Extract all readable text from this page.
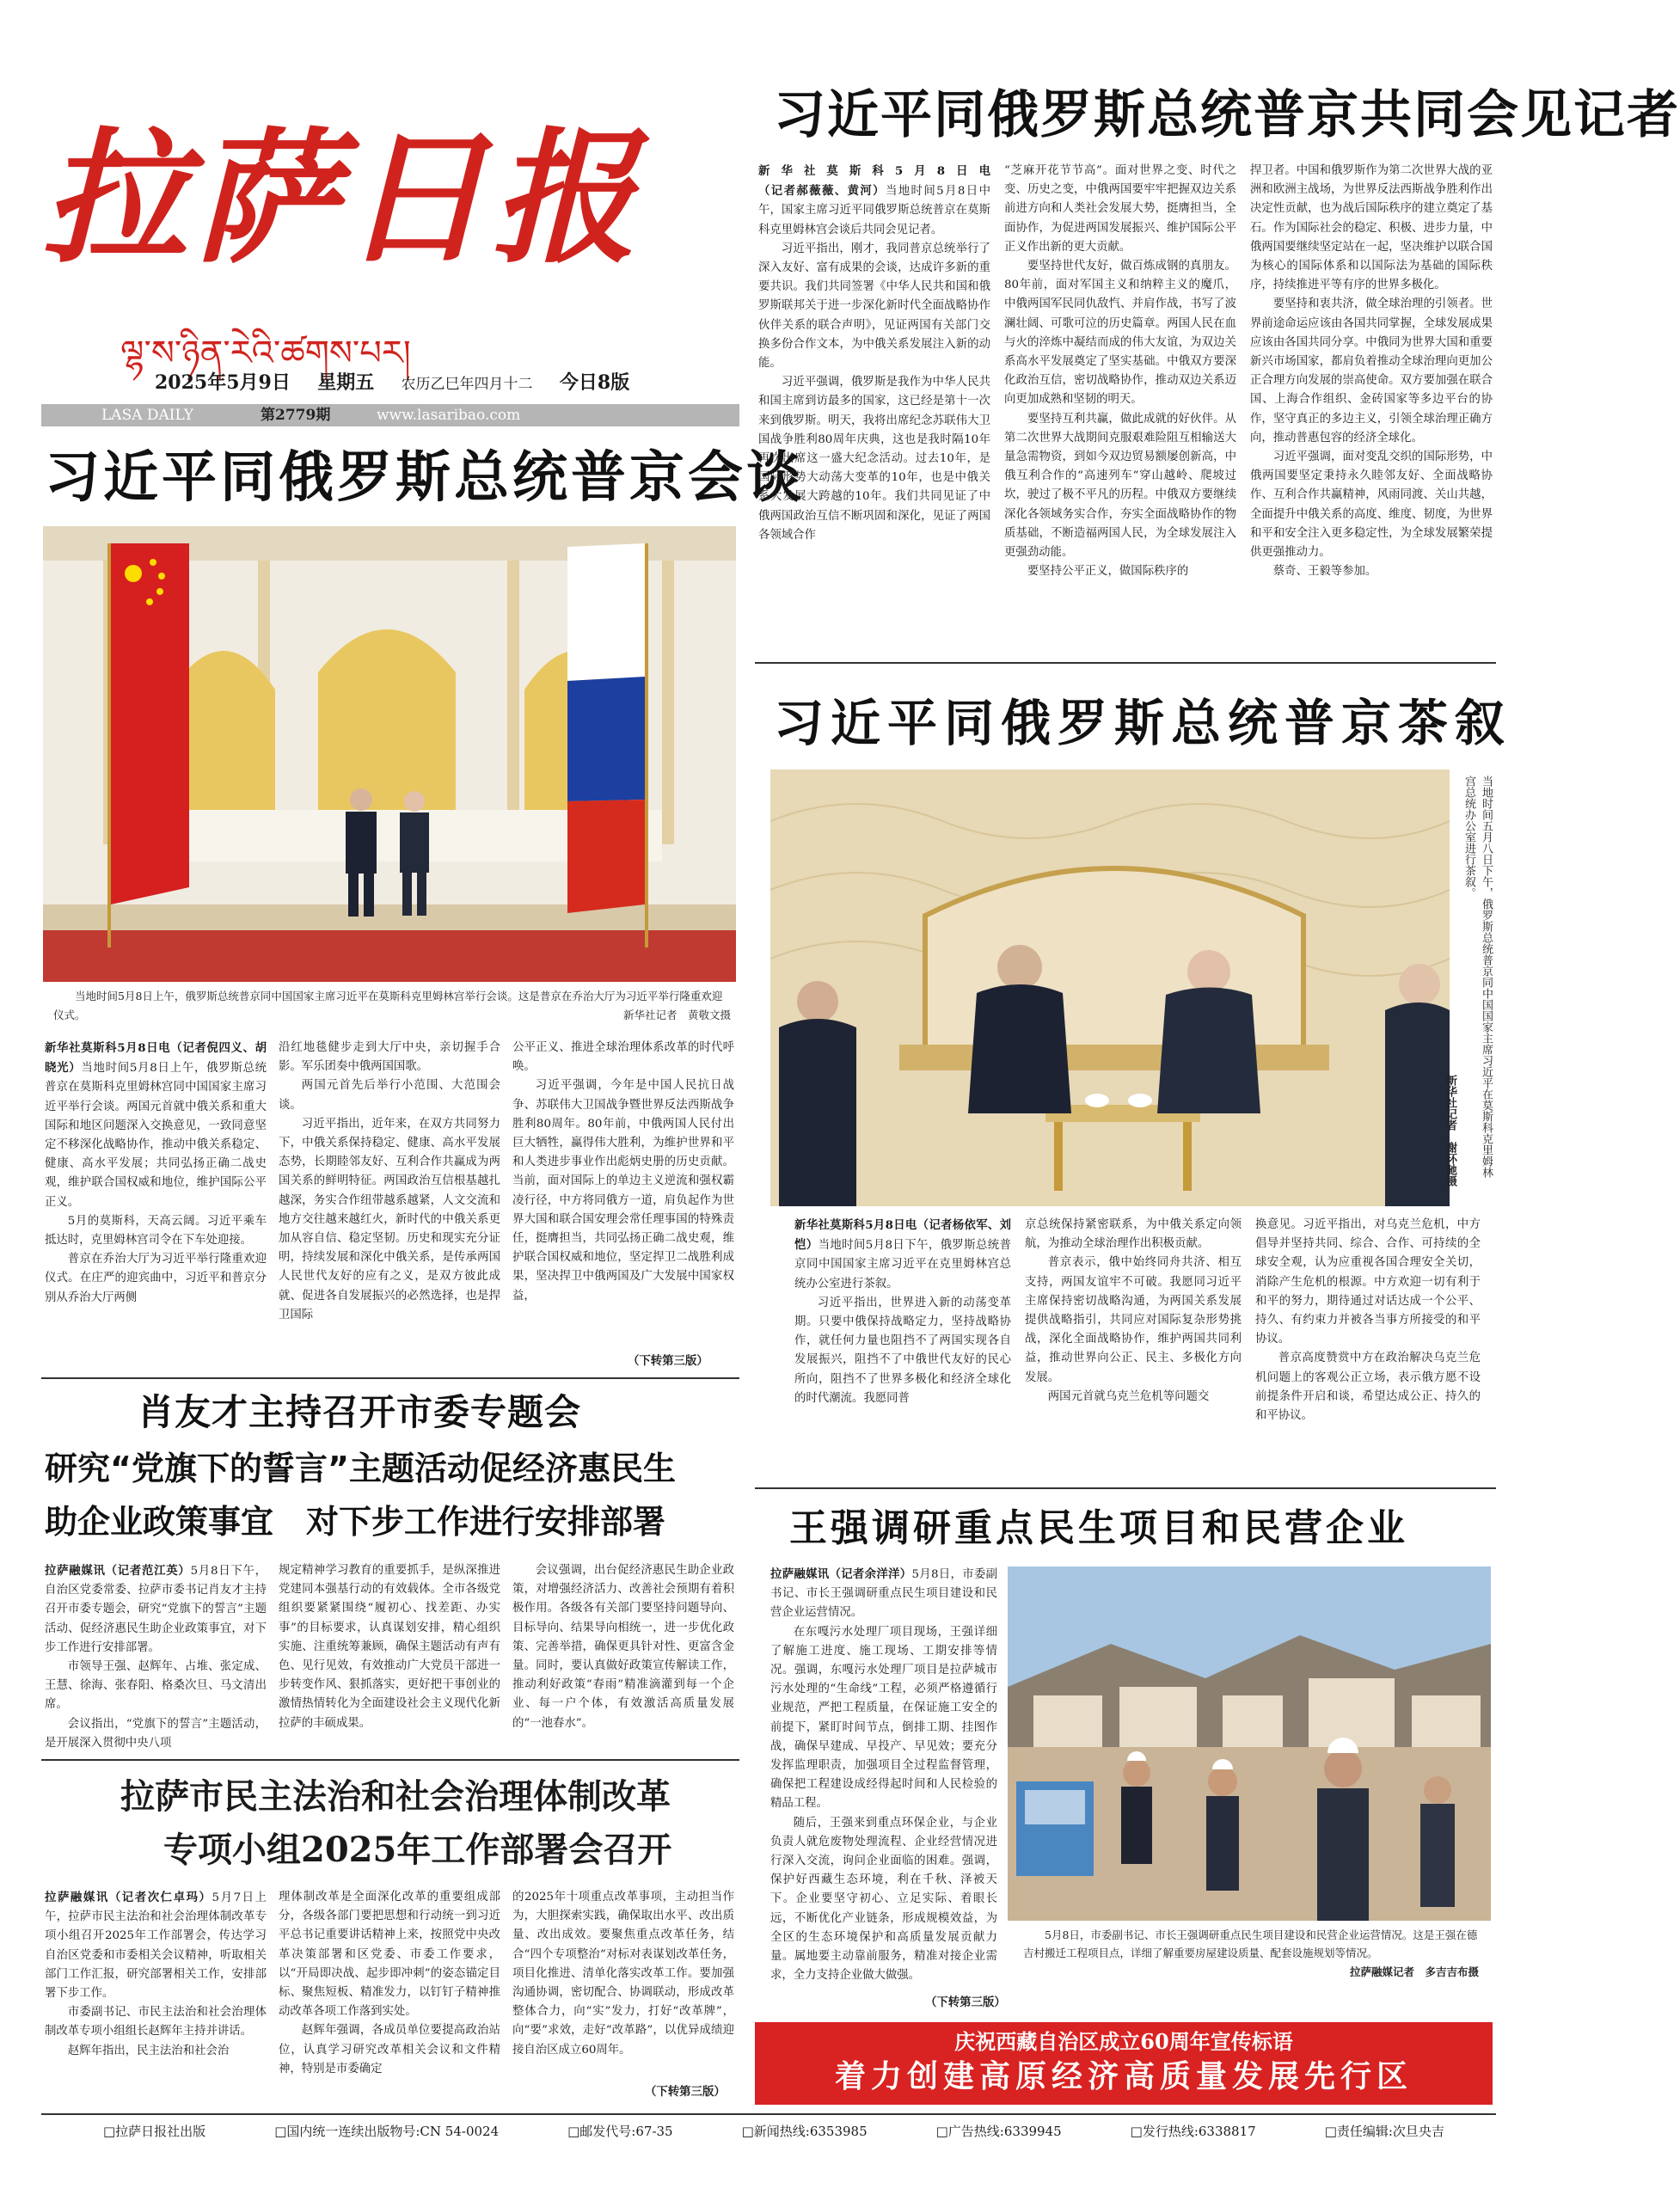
拉萨日报
ལྷ་ས་ཉིན་རེའི་ཚགས་པར།
2025年5月9日 星期五 农历乙巳年四月十二 今日8版
LASA DAILY	第2779期	www.lasaribao.com
习近平同俄罗斯总统普京会谈
当地时间5月8日上午，俄罗斯总统普京同中国国家主席习近平在莫斯科克里姆林宫举行会谈。这是普京在乔治大厅为习近平举行隆重欢迎仪式。	新华社记者　黄敬文摄

新华社莫斯科5月8日电（记者倪四义、胡晓光）当地时间5月8日上午，俄罗斯总统普京在莫斯科克里姆林宫同中国国家主席习近平举行会谈。两国元首就中俄关系和重大国际和地区问题深入交换意见，一致同意坚定不移深化战略协作，推动中俄关系稳定、健康、高水平发展；共同弘扬正确二战史观，维护联合国权威和地位，维护国际公平正义。

5月的莫斯科，天高云阔。习近平乘车抵达时，克里姆林宫司令在下车处迎接。

普京在乔治大厅为习近平举行隆重欢迎仪式。在庄严的迎宾曲中，习近平和普京分别从乔治大厅两侧

沿红地毯健步走到大厅中央，亲切握手合影。军乐团奏中俄两国国歌。

两国元首先后举行小范围、大范围会谈。

习近平指出，近年来，在双方共同努力下，中俄关系保持稳定、健康、高水平发展态势，长期睦邻友好、互利合作共赢成为两国关系的鲜明特征。两国政治互信根基越扎越深，务实合作纽带越系越紧，人文交流和地方交往越来越红火，新时代的中俄关系更加从容自信、稳定坚韧。历史和现实充分证明，持续发展和深化中俄关系，是传承两国人民世代友好的应有之义，是双方彼此成就、促进各自发展振兴的必然选择，也是捍卫国际

公平正义、推进全球治理体系改革的时代呼唤。

习近平强调，今年是中国人民抗日战争、苏联伟大卫国战争暨世界反法西斯战争胜利80周年。80年前，中俄两国人民付出巨大牺牲，赢得伟大胜利，为维护世界和平和人类进步事业作出彪炳史册的历史贡献。当前，面对国际上的单边主义逆流和强权霸凌行径，中方将同俄方一道，肩负起作为世界大国和联合国安理会常任理事国的特殊责任，挺膺担当，共同弘扬正确二战史观，维护联合国权威和地位，坚定捍卫二战胜利成果，坚决捍卫中俄两国及广大发展中国家权益，

（下转第三版）
习近平同俄罗斯总统普京共同会见记者

新华社莫斯科5月8日电（记者郝薇薇、黄河）当地时间5月8日中午，国家主席习近平同俄罗斯总统普京在莫斯科克里姆林宫会谈后共同会见记者。

习近平指出，刚才，我同普京总统举行了深入友好、富有成果的会谈，达成许多新的重要共识。我们共同签署《中华人民共和国和俄罗斯联邦关于进一步深化新时代全面战略协作伙伴关系的联合声明》，见证两国有关部门交换多份合作文本，为中俄关系发展注入新的动能。

习近平强调，俄罗斯是我作为中华人民共和国主席到访最多的国家，这已经是第十一次来到俄罗斯。明天，我将出席纪念苏联伟大卫国战争胜利80周年庆典，这也是我时隔10年再次出席这一盛大纪念活动。过去10年，是国际形势大动荡大变革的10年，也是中俄关系大发展大跨越的10年。我们共同见证了中俄两国政治互信不断巩固和深化，见证了两国各领域合作

“芝麻开花节节高”。面对世界之变、时代之变、历史之变，中俄两国要牢牢把握双边关系前进方向和人类社会发展大势，挺膺担当，全面协作，为促进两国发展振兴、维护国际公平正义作出新的更大贡献。

要坚持世代友好，做百炼成钢的真朋友。80年前，面对军国主义和纳粹主义的魔爪，中俄两国军民同仇敌忾、并肩作战，书写了波澜壮阔、可歌可泣的历史篇章。两国人民在血与火的淬炼中凝结而成的伟大友谊，为双边关系高水平发展奠定了坚实基础。中俄双方要深化政治互信，密切战略协作，推动双边关系迈向更加成熟和坚韧的明天。

要坚持互利共赢，做此成就的好伙伴。从第二次世界大战期间克服艰难险阻互相输送大量急需物资，到如今双边贸易额屡创新高，中俄互利合作的“高速列车”穿山越岭、爬坡过坎，驶过了极不平凡的历程。中俄双方要继续深化各领域务实合作，夯实全面战略协作的物质基础，不断造福两国人民，为全球发展注入更强劲动能。

要坚持公平正义，做国际秩序的

捍卫者。中国和俄罗斯作为第二次世界大战的亚洲和欧洲主战场，为世界反法西斯战争胜利作出决定性贡献，也为战后国际秩序的建立奠定了基石。作为国际社会的稳定、积极、进步力量，中俄两国要继续坚定站在一起，坚决维护以联合国为核心的国际体系和以国际法为基础的国际秩序，持续推进平等有序的世界多极化。

要坚持和衷共济，做全球治理的引领者。世界前途命运应该由各国共同掌握，全球发展成果应该由各国共同分享。中俄同为世界大国和重要新兴市场国家，都肩负着推动全球治理向更加公正合理方向发展的崇高使命。双方要加强在联合国、上海合作组织、金砖国家等多边平台的协作，坚守真正的多边主义，引领全球治理正确方向，推动普惠包容的经济全球化。

习近平强调，面对变乱交织的国际形势，中俄两国要坚定秉持永久睦邻友好、全面战略协作、互利合作共赢精神，风雨同渡、关山共越，全面提升中俄关系的高度、维度、韧度，为世界和平和安全注入更多稳定性，为全球发展繁荣提供更强推动力。

蔡奇、王毅等参加。

习近平同俄罗斯总统普京茶叙
当地时间五月八日下午，俄罗斯总统普京同中国国家主席习近平在莫斯科克里姆林宫总统办公室进行茶叙。
新华社记者　谢环驰摄

新华社莫斯科5月8日电（记者杨依军、刘恺）当地时间5月8日下午，俄罗斯总统普京同中国国家主席习近平在克里姆林宫总统办公室进行茶叙。

习近平指出，世界进入新的动荡变革期。只要中俄保持战略定力，坚持战略协作，就任何力量也阻挡不了两国实现各自发展振兴，阻挡不了中俄世代友好的民心所向，阻挡不了世界多极化和经济全球化的时代潮流。我愿同普

京总统保持紧密联系，为中俄关系定向领航，为推动全球治理作出积极贡献。

普京表示，俄中始终同舟共济、相互支持，两国友谊牢不可破。我愿同习近平主席保持密切战略沟通，为两国关系发展提供战略指引，共同应对国际复杂形势挑战，深化全面战略协作，维护两国共同利益，推动世界向公正、民主、多极化方向发展。

两国元首就乌克兰危机等问题交

换意见。习近平指出，对乌克兰危机，中方倡导并坚持共同、综合、合作、可持续的全球安全观，认为应重视各国合理安全关切，消除产生危机的根源。中方欢迎一切有利于和平的努力，期待通过对话达成一个公平、持久、有约束力并被各当事方所接受的和平协议。

普京高度赞赏中方在政治解决乌克兰危机问题上的客观公正立场，表示俄方愿不设前提条件开启和谈，希望达成公正、持久的和平协议。

肖友才主持召开市委专题会
研究“党旗下的誓言”主题活动促经济惠民生
助企业政策事宜　对下步工作进行安排部署

拉萨融媒讯（记者范江英）5月8日下午，自治区党委常委、拉萨市委书记肖友才主持召开市委专题会，研究“党旗下的誓言”主题活动、促经济惠民生助企业政策事宜，对下步工作进行安排部署。

市领导王强、赵辉年、占堆、张定成、王慧、徐海、张春阳、格桑次旦、马文清出席。

会议指出，“党旗下的誓言”主题活动，是开展深入贯彻中央八项

规定精神学习教育的重要抓手，是纵深推进党建同本强基行动的有效载体。全市各级党组织要紧紧围绕“履初心、找差距、办实事”的目标要求，认真谋划安排，精心组织实施、注重统筹兼顾，确保主题活动有声有色、见行见效，有效推动广大党员干部进一步转变作风、狠抓落实，更好把干事创业的激情热情转化为全面建设社会主义现代化新拉萨的丰硕成果。

会议强调，出台促经济惠民生助企业政策，对增强经济活力、改善社会预期有着积极作用。各级各有关部门要坚持问题导向、目标导向、结果导向相统一，进一步优化政策、完善举措，确保更具针对性、更富含金量。同时，要认真做好政策宣传解读工作，推动利好政策“春雨”精准滴灌到每一个企业、每一户个体，有效激活高质量发展的“一池春水”。

拉萨市民主法治和社会治理体制改革
专项小组2025年工作部署会召开

拉萨融媒讯（记者次仁卓玛）5月7日上午，拉萨市民主法治和社会治理体制改革专项小组召开2025年工作部署会，传达学习自治区党委和市委相关会议精神，听取相关部门工作汇报，研究部署相关工作，安排部署下步工作。

市委副书记、市民主法治和社会治理体制改革专项小组组长赵辉年主持并讲话。

赵辉年指出，民主法治和社会治

理体制改革是全面深化改革的重要组成部分，各级各部门要把思想和行动统一到习近平总书记重要讲话精神上来，按照党中央改革决策部署和区党委、市委工作要求，以“开局即决战、起步即冲刺”的姿态锚定目标、聚焦短板、精准发力，以钉钉子精神推动改革各项工作落到实处。

赵辉年强调，各成员单位要提高政治站位，认真学习研究改革相关会议和文件精神，特别是市委确定

的2025年十项重点改革事项，主动担当作为，大胆探索实践，确保取出水平、改出质量、改出成效。要聚焦重点改革任务，结合“四个专项整治”对标对表谋划改革任务，项目化推进、清单化落实改革工作。要加强沟通协调，密切配合、协调联动，形成改革整体合力，向“实”发力，打好“改革牌”，向“要”求效，走好“改革路”，以优异成绩迎接自治区成立60周年。

（下转第三版）
王强调研重点民生项目和民营企业

拉萨融媒讯（记者余洋洋）5月8日，市委副书记、市长王强调研重点民生项目建设和民营企业运营情况。

在东嘎污水处理厂项目现场，王强详细了解施工进度、施工现场、工期安排等情况。强调，东嘎污水处理厂项目是拉萨城市污水处理的“生命线”工程，必须严格遵循行业规范，严把工程质量，在保证施工安全的前提下，紧盯时间节点，倒排工期、挂图作战，确保早建成、早投产、早见效；要充分发挥监理职责，加强项目全过程监督管理，确保把工程建设成经得起时间和人民检验的精品工程。

随后，王强来到重点环保企业，与企业负责人就危废物处理流程、企业经营情况进行深入交流，询问企业面临的困难。强调，保护好西藏生态环境，利在千秋、泽被天下。企业要坚守初心、立足实际、着眼长远，不断优化产业链条，形成规模效益，为全区的生态环境保护和高质量发展贡献力量。属地要主动靠前服务，精准对接企业需求，全力支持企业做大做强。

（下转第三版）
5月8日，市委副书记、市长王强调研重点民生项目建设和民营企业运营情况。这是王强在德吉村搬迁工程项目点，详细了解重要房屋建设质量、配套设施规划等情况。
拉萨融媒记者　多吉吉布摄
庆祝西藏自治区成立60周年宣传标语
着力创建高原经济高质量发展先行区
□拉萨日报社出版	□国内统一连续出版物号:CN 54-0024	□邮发代号:67-35	□新闻热线:6353985	□广告热线:6339945	□发行热线:6338817	□责任编辑:次旦央吉
